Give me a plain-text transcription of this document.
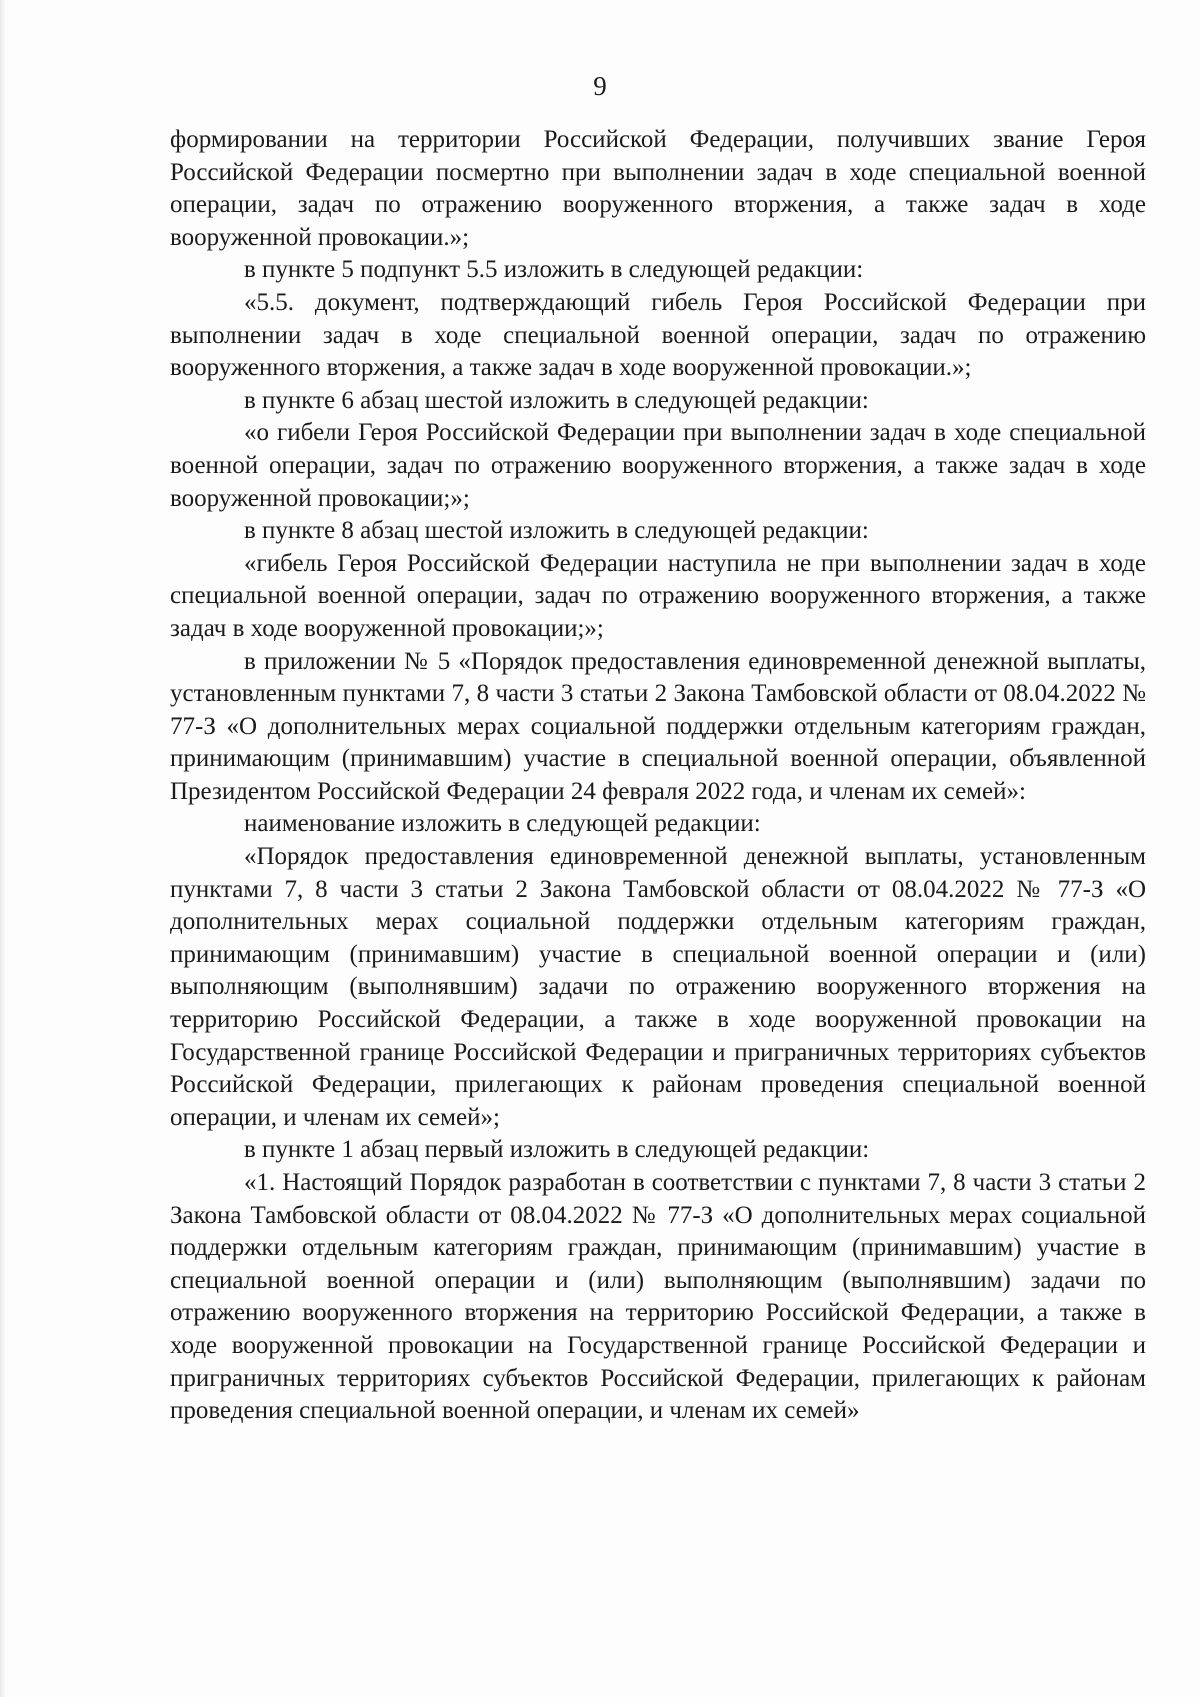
9

формировании на территории Российской Федерации, получивших звание Героя Российской Федерации посмертно при выполнении задач в ходе специальной военной операции, задач по отражению вооруженного вторжения, а также задач в ходе вооруженной провокации.»;

в пункте 5 подпункт 5.5 изложить в следующей редакции:

«5.5. документ, подтверждающий гибель Героя Российской Федерации при выполнении задач в ходе специальной военной операции, задач по отражению вооруженного вторжения, а также задач в ходе вооруженной провокации.»;

в пункте 6 абзац шестой изложить в следующей редакции:

«о гибели Героя Российской Федерации при выполнении задач в ходе специальной военной операции, задач по отражению вооруженного вторжения, а также задач в ходе вооруженной провокации;»;

в пункте 8 абзац шестой изложить в следующей редакции:

«гибель Героя Российской Федерации наступила не при выполнении задач в ходе специальной военной операции, задач по отражению вооруженного вторжения, а также задач в ходе вооруженной провокации;»;

в приложении № 5 «Порядок предоставления единовременной денежной выплаты, установленным пунктами 7, 8 части 3 статьи 2 Закона Тамбовской области от 08.04.2022 № 77-З «О дополнительных мерах социальной поддержки отдельным категориям граждан, принимающим (принимавшим) участие в специальной военной операции, объявленной Президентом Российской Федерации 24 февраля 2022 года, и членам их семей»:

наименование изложить в следующей редакции:

«Порядок предоставления единовременной денежной выплаты, установленным пунктами 7, 8 части 3 статьи 2 Закона Тамбовской области от 08.04.2022 № 77-З «О дополнительных мерах социальной поддержки отдельным категориям граждан, принимающим (принимавшим) участие в специальной военной операции и (или) выполняющим (выполнявшим) задачи по отражению вооруженного вторжения на территорию Российской Федерации, а также в ходе вооруженной провокации на Государственной границе Российской Федерации и приграничных территориях субъектов Российской Федерации, прилегающих к районам проведения специальной военной операции, и членам их семей»;

в пункте 1 абзац первый изложить в следующей редакции:

«1. Настоящий Порядок разработан в соответствии с пунктами 7, 8 части 3 статьи 2 Закона Тамбовской области от 08.04.2022 № 77-З «О дополнительных мерах социальной поддержки отдельным категориям граждан, принимающим (принимавшим) участие в специальной военной операции и (или) выполняющим (выполнявшим) задачи по отражению вооруженного вторжения на территорию Российской Федерации, а также в ходе вооруженной провокации на Государственной границе Российской Федерации и приграничных территориях субъектов Российской Федерации, прилегающих к районам проведения специальной военной операции, и членам их семей»
